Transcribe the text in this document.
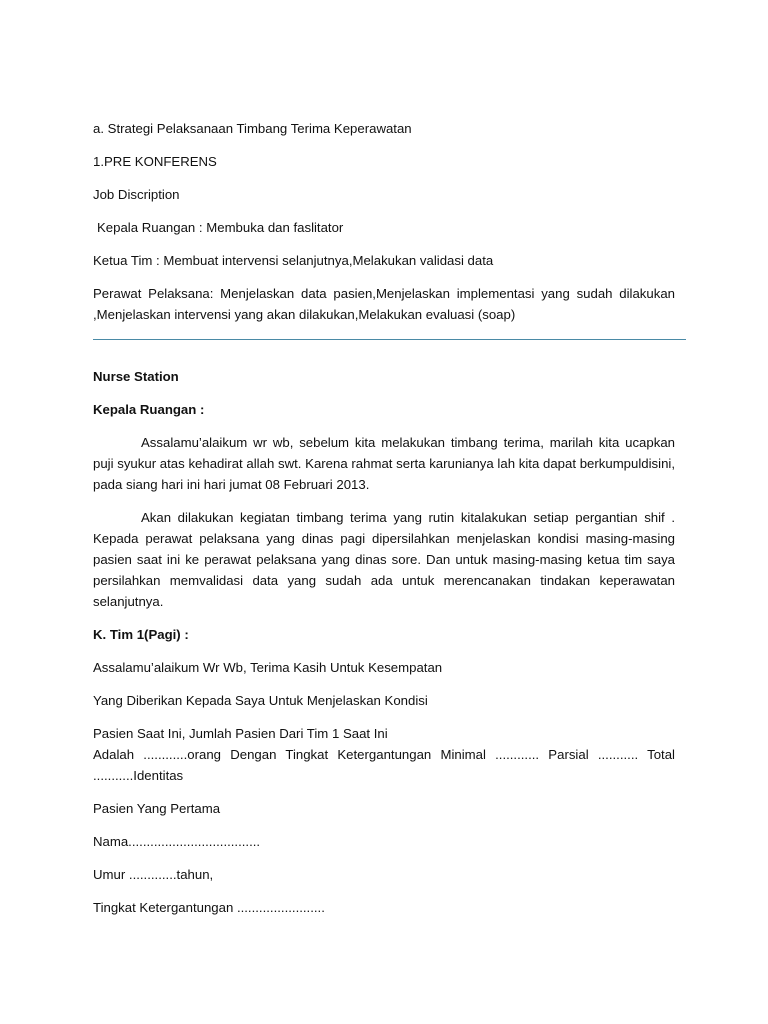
a. Strategi Pelaksanaan Timbang Terima Keperawatan

1.PRE KONFERENS

Job Discription

Kepala Ruangan : Membuka dan faslitator

Ketua Tim : Membuat intervensi selanjutnya,Melakukan validasi data

Perawat Pelaksana: Menjelaskan data pasien,Menjelaskan implementasi yang sudah dilakukan ,Menjelaskan intervensi yang akan dilakukan,Melakukan evaluasi (soap)

Nurse Station

Kepala Ruangan :

Assalamu’alaikum wr wb, sebelum kita melakukan timbang terima, marilah kita ucapkan puji syukur atas kehadirat allah swt. Karena rahmat serta karunianya lah kita dapat berkumpuldisini, pada siang hari ini hari jumat 08 Februari 2013.

Akan dilakukan kegiatan timbang terima yang rutin kitalakukan setiap pergantian shif . Kepada perawat pelaksana yang dinas pagi dipersilahkan menjelaskan kondisi masing-masing pasien saat ini ke perawat pelaksana yang dinas sore. Dan untuk masing-masing ketua tim saya persilahkan memvalidasi data yang sudah ada untuk merencanakan tindakan keperawatan selanjutnya.

K. Tim 1(Pagi) :

Assalamu’alaikum Wr Wb, Terima Kasih Untuk Kesempatan

Yang Diberikan Kepada Saya Untuk Menjelaskan Kondisi

Pasien Saat Ini, Jumlah Pasien Dari Tim 1 Saat Ini

Adalah ............orang Dengan Tingkat Ketergantungan Minimal ............ Parsial ........... Total ...........Identitas

Pasien Yang Pertama

Nama....................................

Umur .............tahun,

Tingkat Ketergantungan ........................
